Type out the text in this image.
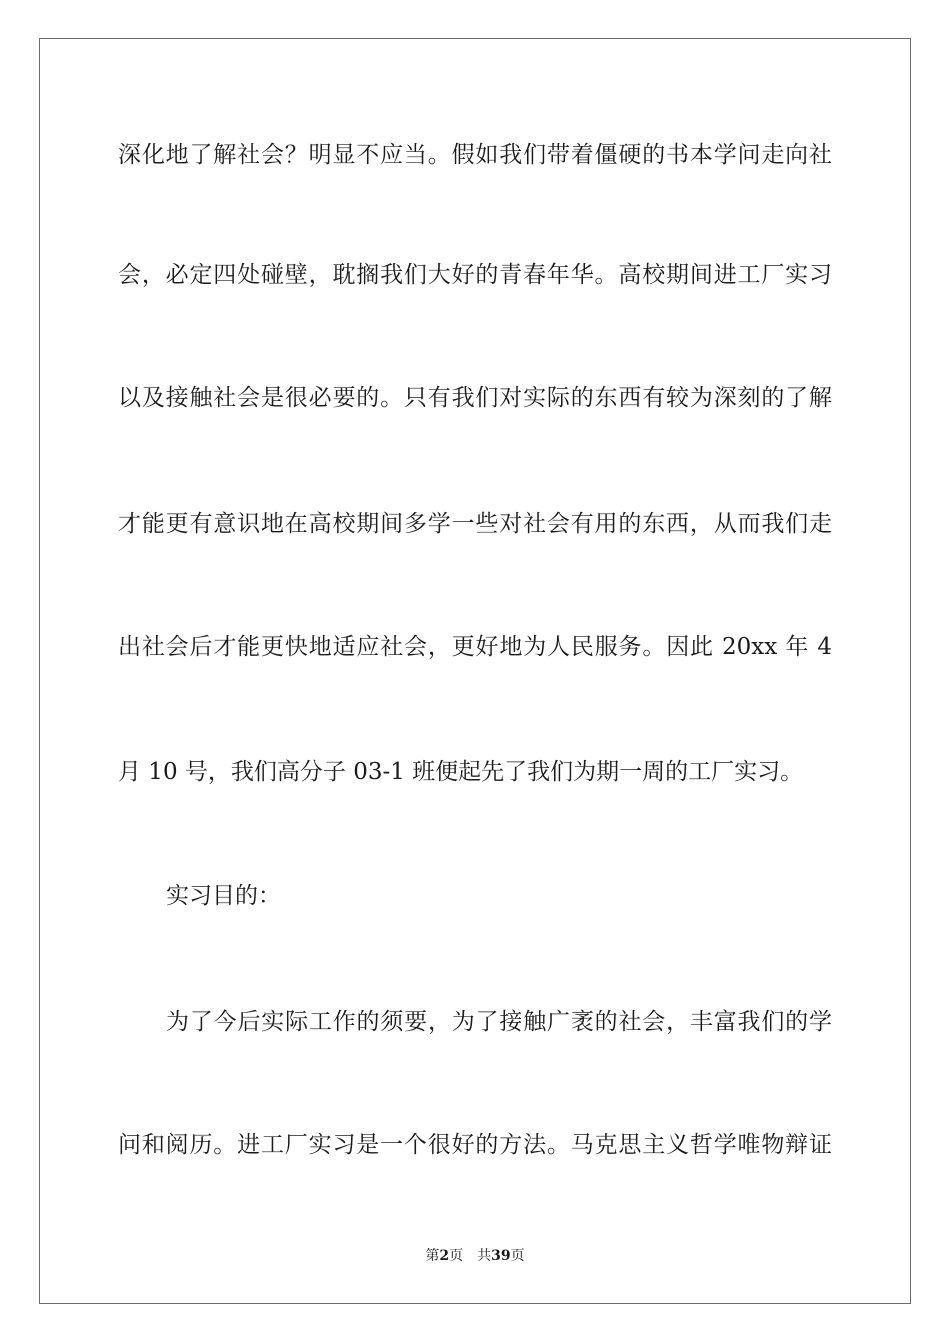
深化地了解社会？明显不应当。假如我们带着僵硬的书本学问走向社
会，必定四处碰壁，耽搁我们大好的青春年华。高校期间进工厂实习
以及接触社会是很必要的。只有我们对实际的东西有较为深刻的了解
才能更有意识地在高校期间多学一些对社会有用的东西，从而我们走
出社会后才能更快地适应社会，更好地为人民服务。因此 20xx 年 4
月 10 号，我们高分子 03-1 班便起先了我们为期一周的工厂实习。
实习目的：
为了今后实际工作的须要，为了接触广袤的社会，丰富我们的学
问和阅历。进工厂实习是一个很好的方法。马克思主义哲学唯物辩证
第2页 共39页
